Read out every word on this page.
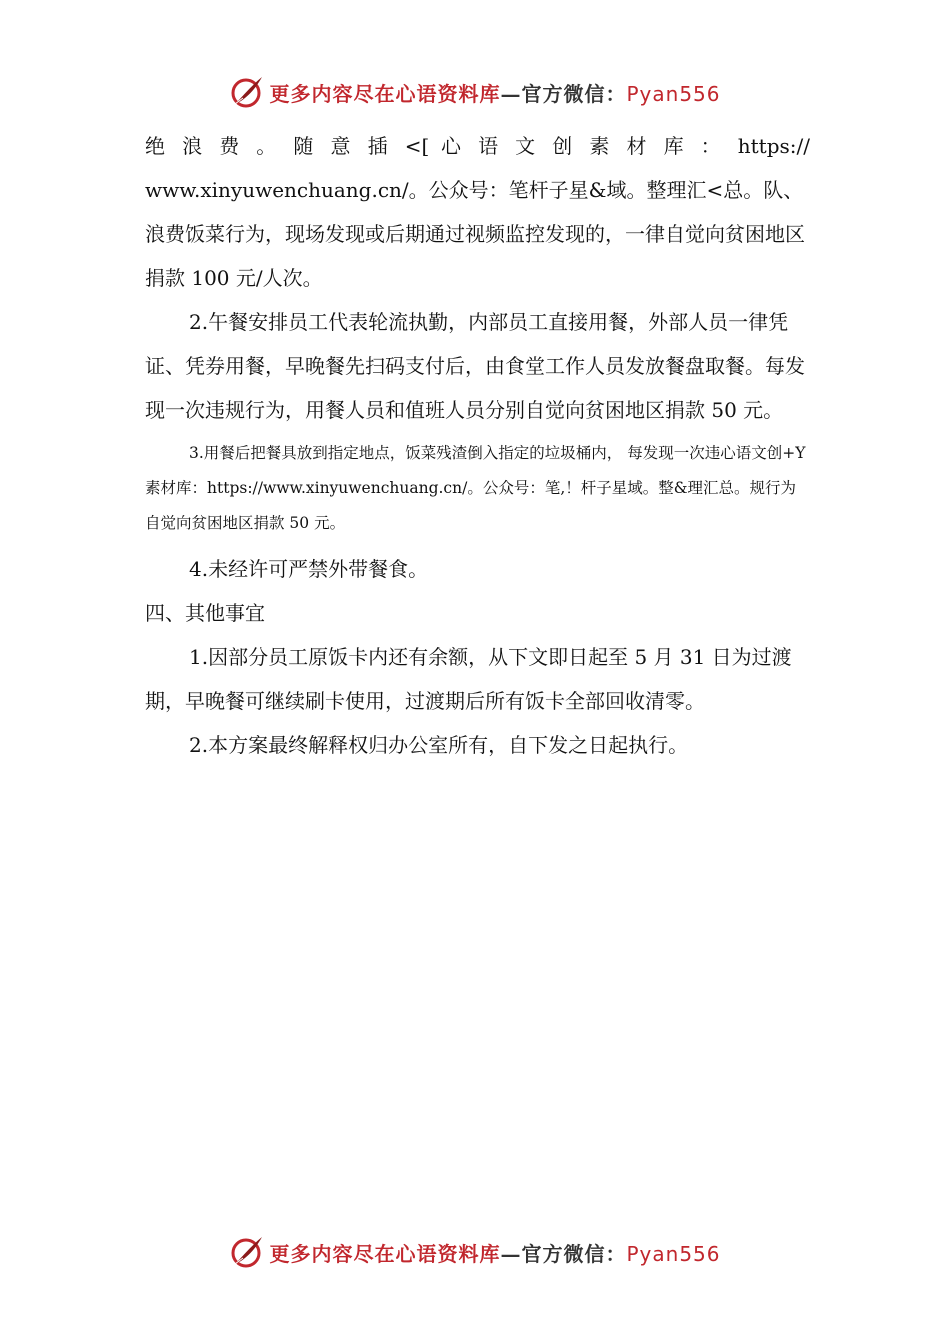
更多内容尽在心语资料库—官方微信：Pyan556

绝 浪 费 。 随 意 插 <[ 心 语 文 创 素 材 库 ： https://

www.xinyuwenchuang.cn/。公众号：笔杆子星&域。整理汇<总。队、浪费饭菜行为，现场发现或后期通过视频监控发现的，一律自觉向贫困地区捐款 100 元/人次。

2.午餐安排员工代表轮流执勤，内部员工直接用餐，外部人员一律凭证、凭券用餐，早晚餐先扫码支付后，由食堂工作人员发放餐盘取餐。每发现一次违规行为，用餐人员和值班人员分别自觉向贫困地区捐款 50 元。

3.用餐后把餐具放到指定地点，饭菜残渣倒入指定的垃圾桶内， 每发现一次违心语文创+Y素材库：https://www.xinyuwenchuang.cn/。公众号：笔,！杆子星域。整&理汇总。规行为自觉向贫困地区捐款 50 元。

4.未经许可严禁外带餐食。

四、其他事宜

1.因部分员工原饭卡内还有余额，从下文即日起至 5 月 31 日为过渡期，早晚餐可继续刷卡使用，过渡期后所有饭卡全部回收清零。

2.本方案最终解释权归办公室所有，自下发之日起执行。

更多内容尽在心语资料库—官方微信：Pyan556
